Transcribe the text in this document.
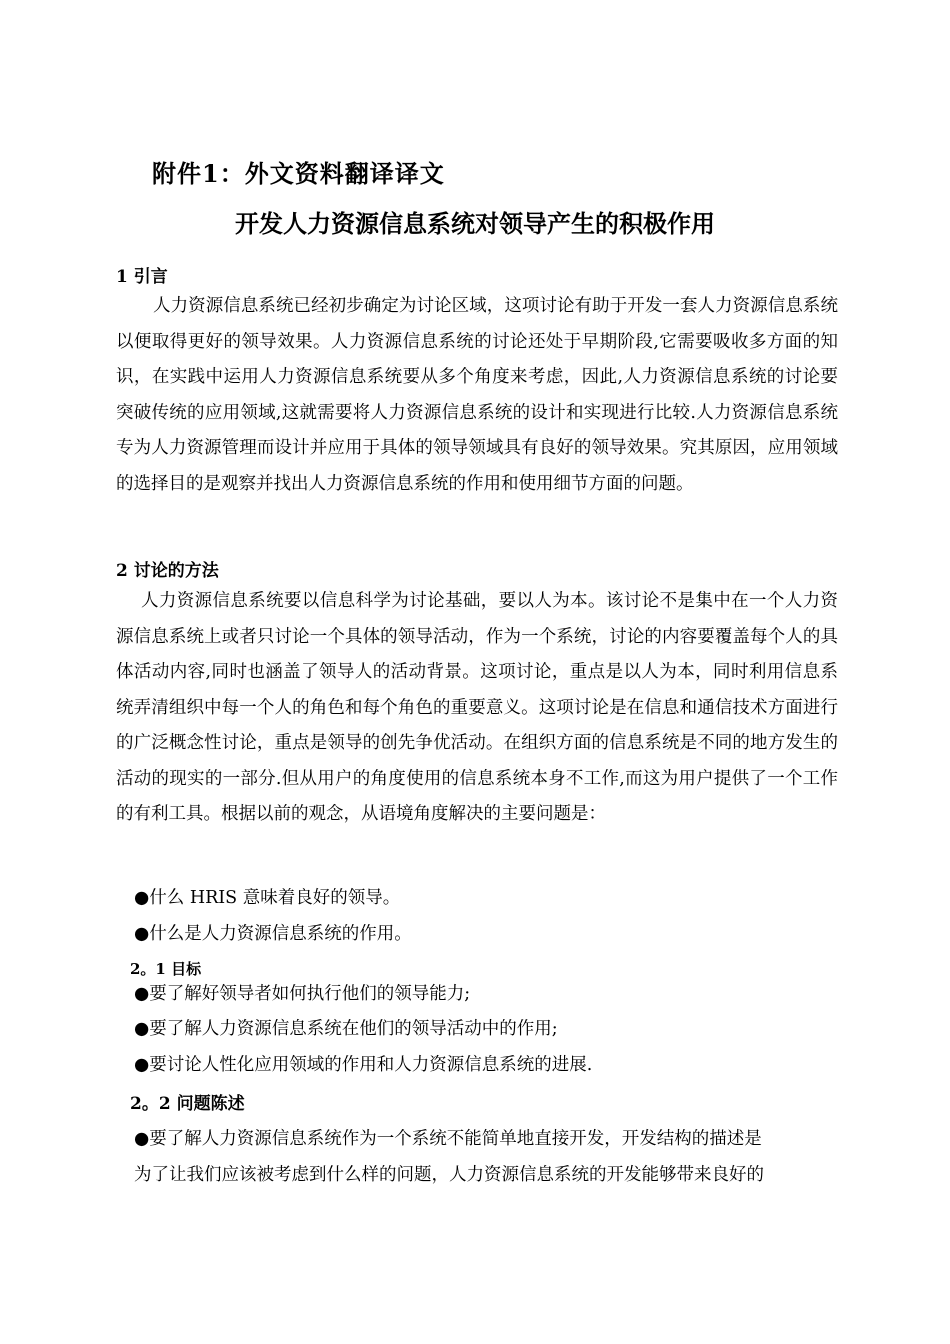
附件1：外文资料翻译译文
开发人力资源信息系统对领导产生的积极作用
1 引言
人力资源信息系统已经初步确定为讨论区域，这项讨论有助于开发一套人力资源信息系统以便取得更好的领导效果。人力资源信息系统的讨论还处于早期阶段,它需要吸收多方面的知识，在实践中运用人力资源信息系统要从多个角度来考虑，因此,人力资源信息系统的讨论要突破传统的应用领域,这就需要将人力资源信息系统的设计和实现进行比较.人力资源信息系统专为人力资源管理而设计并应用于具体的领导领域具有良好的领导效果。究其原因，应用领域的选择目的是观察并找出人力资源信息系统的作用和使用细节方面的问题。
2 讨论的方法
人力资源信息系统要以信息科学为讨论基础，要以人为本。该讨论不是集中在一个人力资源信息系统上或者只讨论一个具体的领导活动，作为一个系统，讨论的内容要覆盖每个人的具体活动内容,同时也涵盖了领导人的活动背景。这项讨论，重点是以人为本，同时利用信息系统弄清组织中每一个人的角色和每个角色的重要意义。这项讨论是在信息和通信技术方面进行的广泛概念性讨论，重点是领导的创先争优活动。在组织方面的信息系统是不同的地方发生的活动的现实的一部分.但从用户的角度使用的信息系统本身不工作,而这为用户提供了一个工作的有利工具。根据以前的观念，从语境角度解决的主要问题是：
●什么 HRIS 意味着良好的领导。
●什么是人力资源信息系统的作用。
2。1 目标
●要了解好领导者如何执行他们的领导能力;
●要了解人力资源信息系统在他们的领导活动中的作用;
●要讨论人性化应用领域的作用和人力资源信息系统的进展.
2。2 问题陈述
●要了解人力资源信息系统作为一个系统不能简单地直接开发，开发结构的描述是
为了让我们应该被考虑到什么样的问题，人力资源信息系统的开发能够带来良好的
